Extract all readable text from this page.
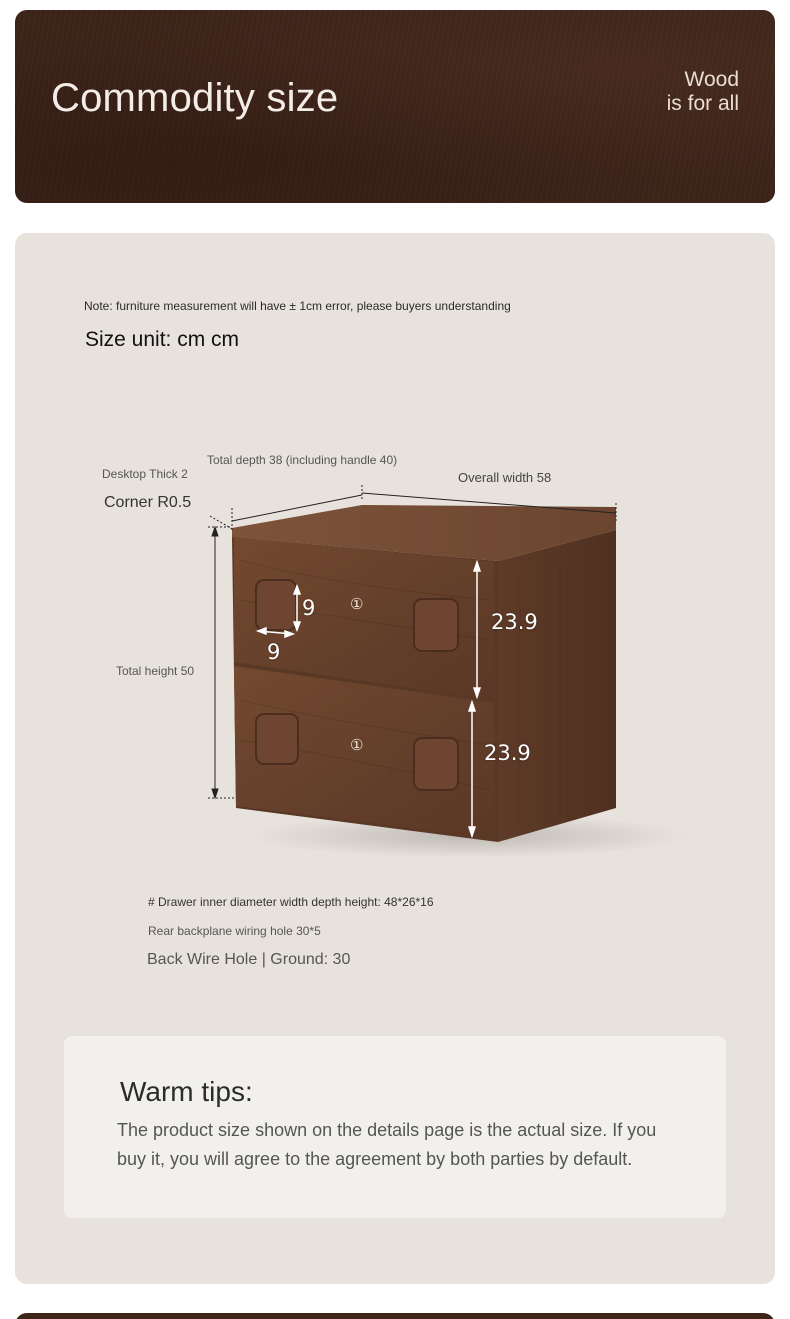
Commodity size	Wood
is for all
Note: furniture measurement will have ± 1cm error, please buyers understanding
Size unit: cm cm
Desktop Thick 2
Total depth 38 (including handle 40)
Overall width 58
Corner R0.5
Total height 50
9
9
23.9
23.9
①
①
# Drawer inner diameter width depth height: 48*26*16
Rear backplane wiring hole 30*5
Back Wire Hole | Ground: 30
Warm tips:
The product size shown on the details page is the actual size. If you buy it, you will agree to the agreement by both parties by default.
